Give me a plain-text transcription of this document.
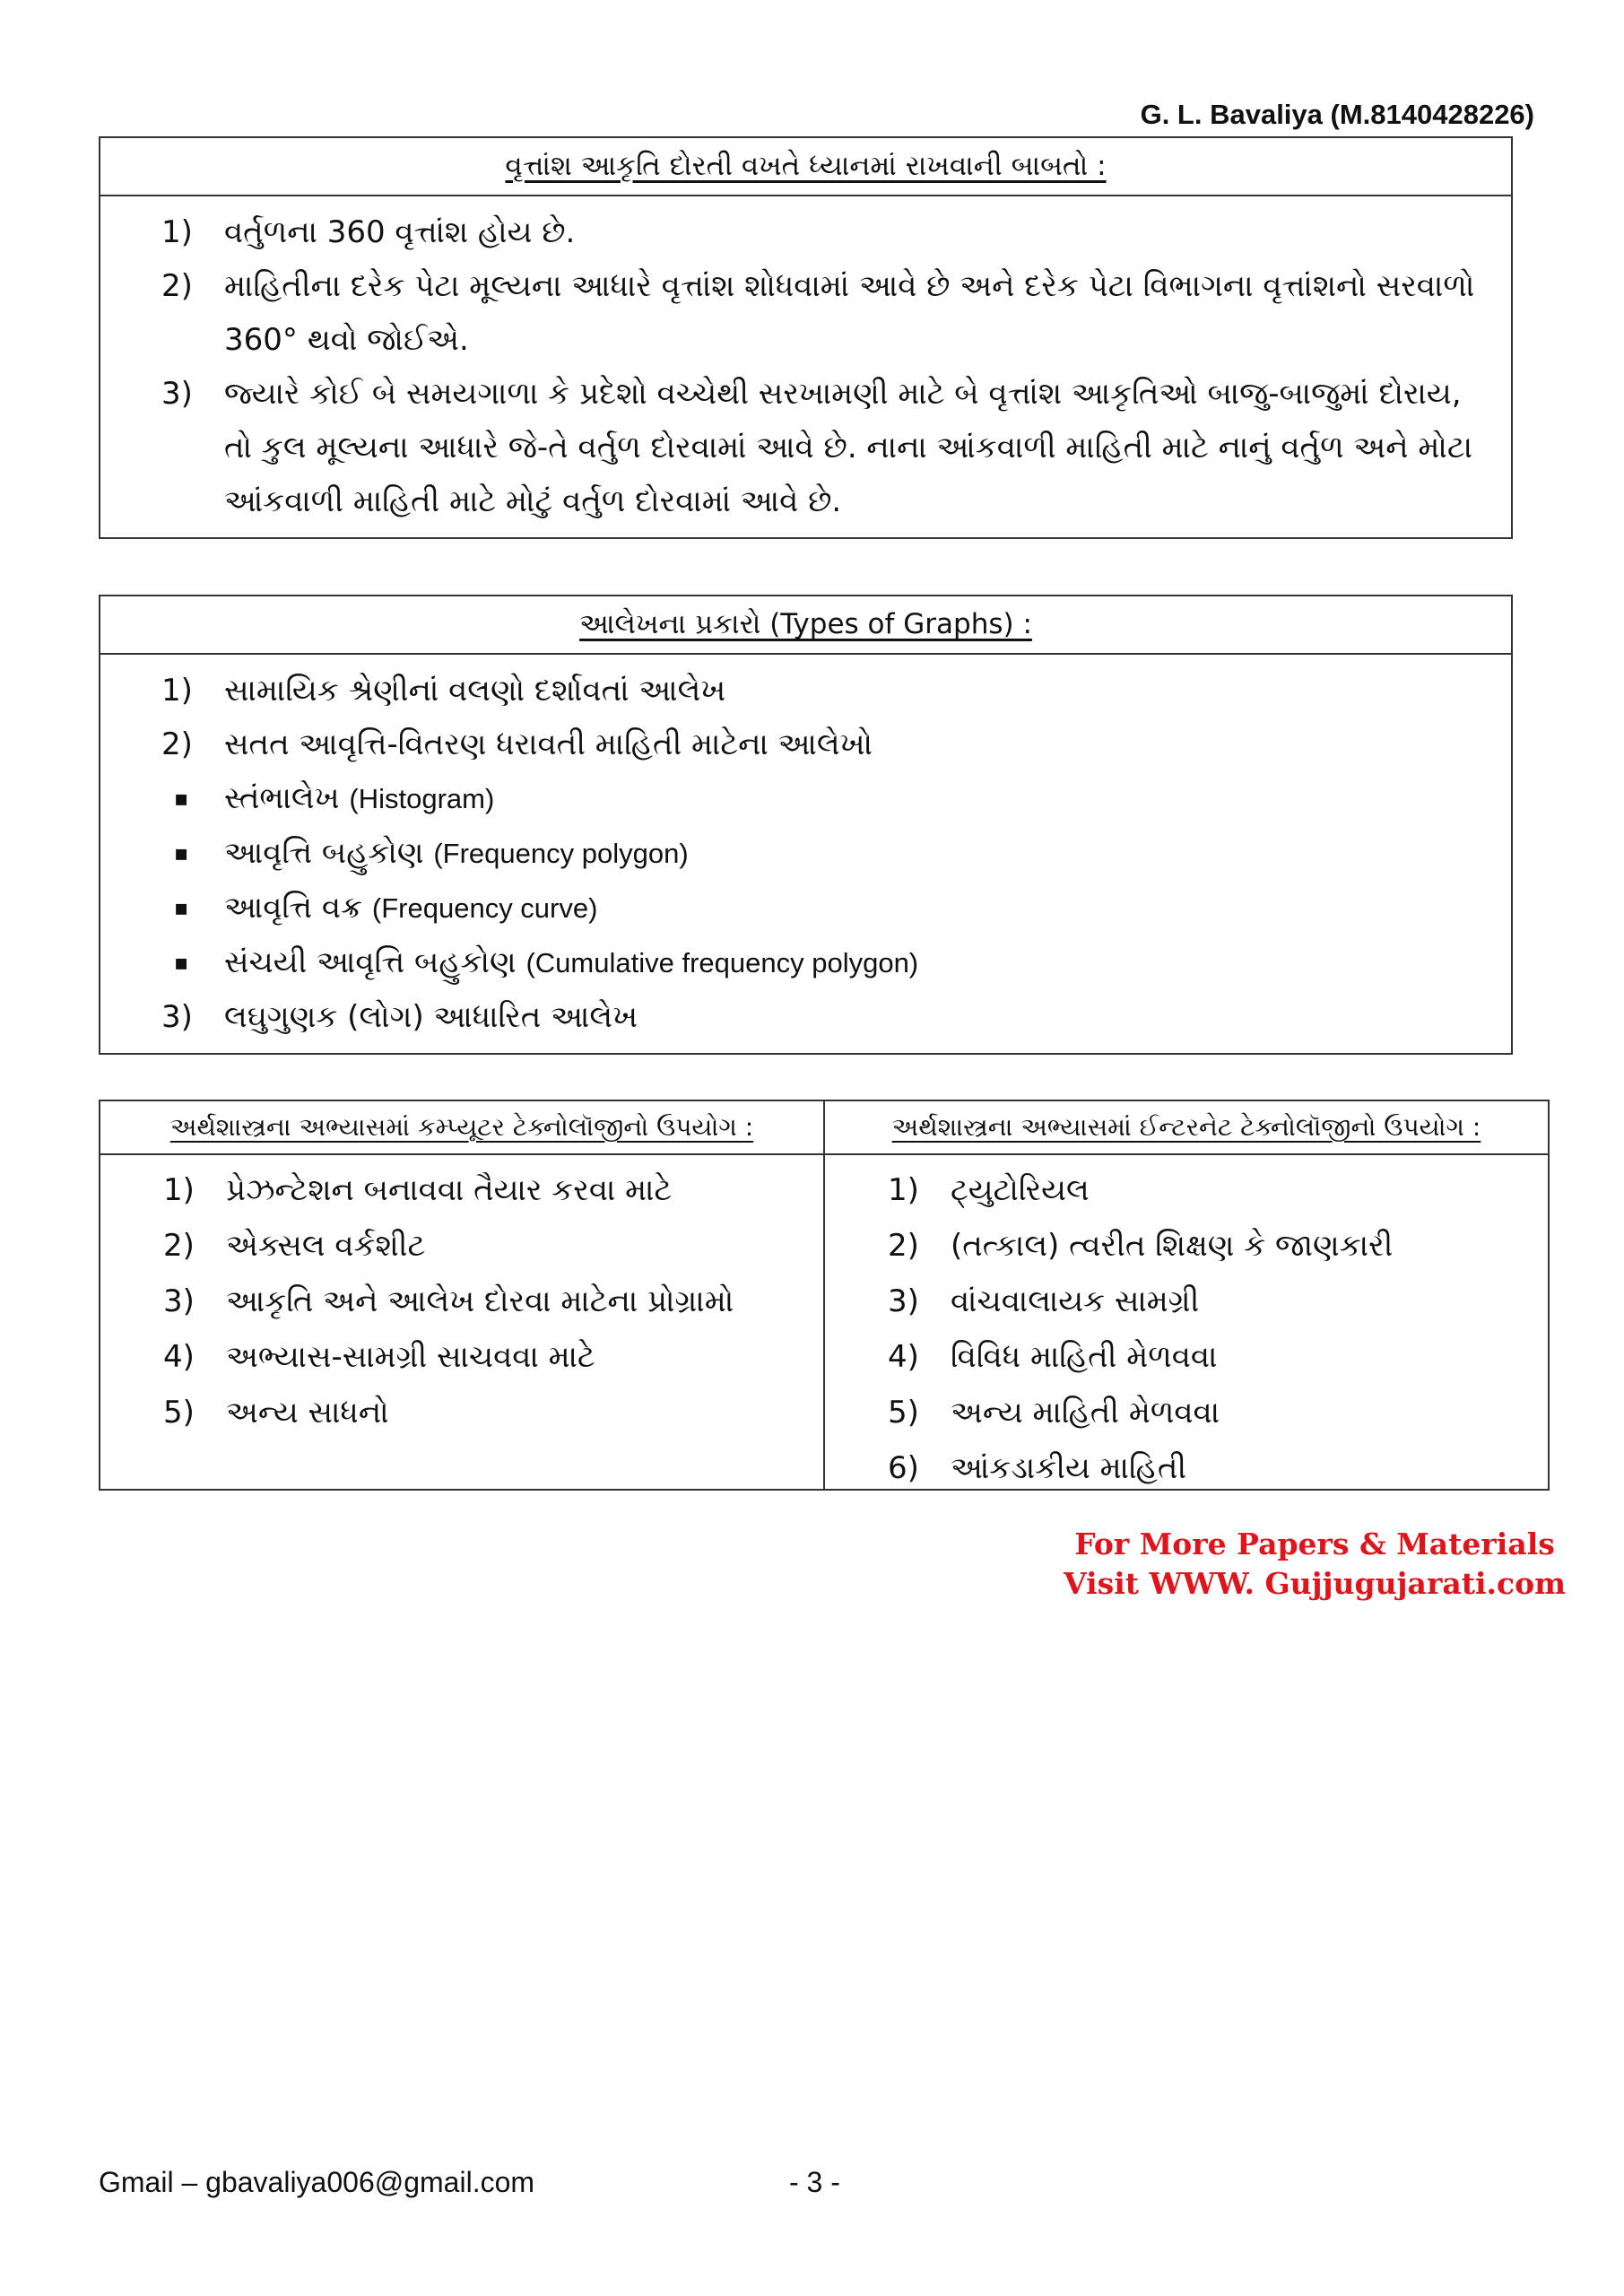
G. L. Bavaliya (M.8140428226)
વૃત્તાંશ આકૃતિ દોરતી વખતે ધ્યાનમાં રાખવાની બાબતો :
1)	વર્તુળના 360 વૃત્તાંશ હોય છે.
2)	માહિતીના દરેક પેટા મૂલ્યના આધારે વૃત્તાંશ શોધવામાં આવે છે અને દરેક પેટા વિભાગના વૃત્તાંશનો સરવાળો 360° થવો જોઈએ.
3)	જ્યારે કોઈ બે સમયગાળા કે પ્રદેશો વચ્ચેથી સરખામણી માટે બે વૃત્તાંશ આકૃતિઓ બાજુ-બાજુમાં દોરાય, તો કુલ મૂલ્યના આધારે જે-તે વર્તુળ દોરવામાં આવે છે. નાના આંકવાળી માહિતી માટે નાનું વર્તુળ અને મોટા આંકવાળી માહિતી માટે મોટું વર્તુળ દોરવામાં આવે છે.
આલેખના પ્રકારો (Types of Graphs) :
1)	સામાયિક શ્રેણીનાં વલણો દર્શાવતાં આલેખ
2)	સતત આવૃત્તિ-વિતરણ ધરાવતી માહિતી માટેના આલેખો
▪	સ્તંભાલેખ (Histogram)
▪	આવૃત્તિ બહુકોણ (Frequency polygon)
▪	આવૃત્તિ વક્ર (Frequency curve)
▪	સંચયી આવૃત્તિ બહુકોણ (Cumulative frequency polygon)
3)	લઘુગુણક (લોગ) આધારિત આલેખ
અર્થશાસ્ત્રના અભ્યાસમાં કમ્પ્યૂટર ટેક્નોલૉજીનો ઉપયોગ :
1)	પ્રેઝન્ટેશન બનાવવા તૈયાર કરવા માટે
2)	એક્સલ વર્કશીટ
3)	આકૃતિ અને આલેખ દોરવા માટેના પ્રોગ્રામો
4)	અભ્યાસ-સામગ્રી સાચવવા માટે
5)	અન્ય સાધનો
અર્થશાસ્ત્રના અભ્યાસમાં ઈન્ટરનેટ ટેક્નોલૉજીનો ઉપયોગ :
1)	ટ્યુટોરિયલ
2)	(તત્કાલ) ત્વરીત શિક્ષણ કે જાણકારી
3)	વાંચવાલાયક સામગ્રી
4)	વિવિધ માહિતી મેળવવા
5)	અન્ય માહિતી મેળવવા
6)	આંકડાકીય માહિતી
For More Papers & Materials
Visit WWW. Gujjugujarati.com
Gmail – gbavaliya006@gmail.com	- 3 -
